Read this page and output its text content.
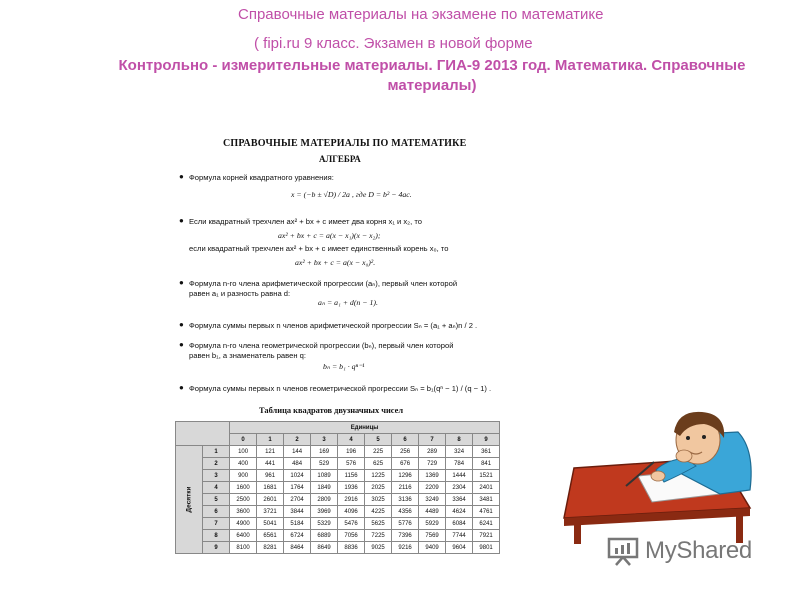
Справочные материалы на экзамене по математике
( fipi.ru 9 класс. Экзамен в новой форме
Контрольно - измерительные материалы. ГИА-9 2013 год. Математика. Справочные материалы)
СПРАВОЧНЫЕ МАТЕРИАЛЫ ПО МАТЕМАТИКЕ
АЛГЕБРА
● Формула корней квадратного уравнения:
x = (−b ± √D) / 2a , где D = b² − 4ac.
● Если квадратный трехчлен ax² + bx + c имеет два корня x₁ и x₂, то
ax² + bx + c = a(x − x₁)(x − x₂);
если квадратный трехчлен ax² + bx + c имеет единственный корень x₀, то
ax² + bx + c = a(x − x₀)².
● Формула n-го члена арифметической прогрессии (aₙ), первый член которой
равен a₁ и разность равна d:
aₙ = a₁ + d(n − 1).
● Формула суммы первых n членов арифметической прогрессии Sₙ = (a₁ + aₙ)n / 2 .
● Формула n-го члена геометрической прогрессии (bₙ), первый член которой
равен b₁, а знаменатель равен q:
bₙ = b₁ · qⁿ⁻¹
● Формула суммы первых n членов геометрической прогрессии Sₙ = b₁(qⁿ − 1) / (q − 1) .
Таблица квадратов двузначных чисел
		Единицы									
		0	1	2	3	4	5	6	7	8	9
Десятки	1	100	121	144	169	196	225	256	289	324	361
	2	400	441	484	529	576	625	676	729	784	841
	3	900	961	1024	1089	1156	1225	1296	1369	1444	1521
	4	1600	1681	1764	1849	1936	2025	2116	2209	2304	2401
	5	2500	2601	2704	2809	2916	3025	3136	3249	3364	3481
	6	3600	3721	3844	3969	4096	4225	4356	4489	4624	4761
	7	4900	5041	5184	5329	5476	5625	5776	5929	6084	6241
	8	6400	6561	6724	6889	7056	7225	7396	7569	7744	7921
	9	8100	8281	8464	8649	8836	9025	9216	9409	9604	9801	MyShared
